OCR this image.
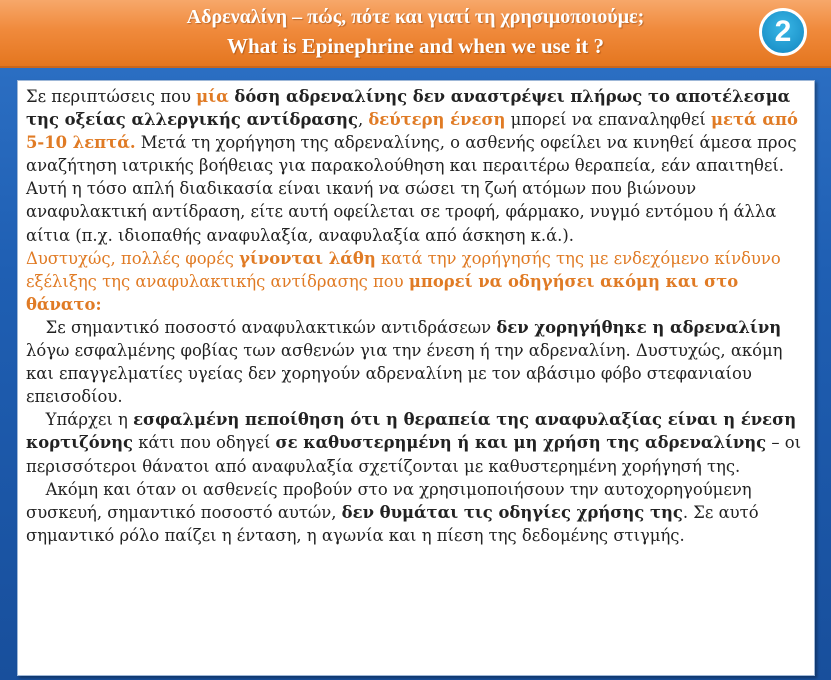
Αδρεναλίνη – πώς, πότε και γιατί τη χρησιμοποιούμε;
What is Epinephrine and when we use it ?	2

Σε περιπτώσεις που μία δόση αδρεναλίνης δεν αναστρέψει πλήρως το αποτέλεσμα της οξείας αλλεργικής αντίδρασης, δεύτερη ένεση μπορεί να επαναληφθεί μετά από 5-10 λεπτά. Μετά τη χορήγηση της αδρεναλίνης, ο ασθενής οφείλει να κινηθεί άμεσα προς αναζήτηση ιατρικής βοήθειας για παρακολούθηση και περαιτέρω θεραπεία, εάν απαιτηθεί. Αυτή η τόσο απλή διαδικασία είναι ικανή να σώσει τη ζωή ατόμων που βιώνουν αναφυλακτική αντίδραση, είτε αυτή οφείλεται σε τροφή, φάρμακο, νυγμό εντόμου ή άλλα αίτια (π.χ. ιδιοπαθής αναφυλαξία, αναφυλαξία από άσκηση κ.ά.).

Δυστυχώς, πολλές φορές γίνονται λάθη κατά την χορήγησής της με ενδεχόμενο κίνδυνο εξέλιξης της αναφυλακτικής αντίδρασης που μπορεί να οδηγήσει ακόμη και στο θάνατο:

Σε σημαντικό ποσοστό αναφυλακτικών αντιδράσεων δεν χορηγήθηκε η αδρεναλίνη λόγω εσφαλμένης φοβίας των ασθενών για την ένεση ή την αδρεναλίνη. Δυστυχώς, ακόμη και επαγγελματίες υγείας δεν χορηγούν αδρεναλίνη με τον αβάσιμο φόβο στεφανιαίου επεισοδίου.

Υπάρχει η εσφαλμένη πεποίθηση ότι η θεραπεία της αναφυλαξίας είναι η ένεση κορτιζόνης κάτι που οδηγεί σε καθυστερημένη ή και μη χρήση της αδρεναλίνης – οι περισσότεροι θάνατοι από αναφυλαξία σχετίζονται με καθυστερημένη χορήγησή της.

Ακόμη και όταν οι ασθενείς προβούν στο να χρησιμοποιήσουν την αυτοχορηγούμενη συσκευή, σημαντικό ποσοστό αυτών, δεν θυμάται τις οδηγίες χρήσης της. Σε αυτό σημαντικό ρόλο παίζει η ένταση, η αγωνία και η πίεση της δεδομένης στιγμής.
